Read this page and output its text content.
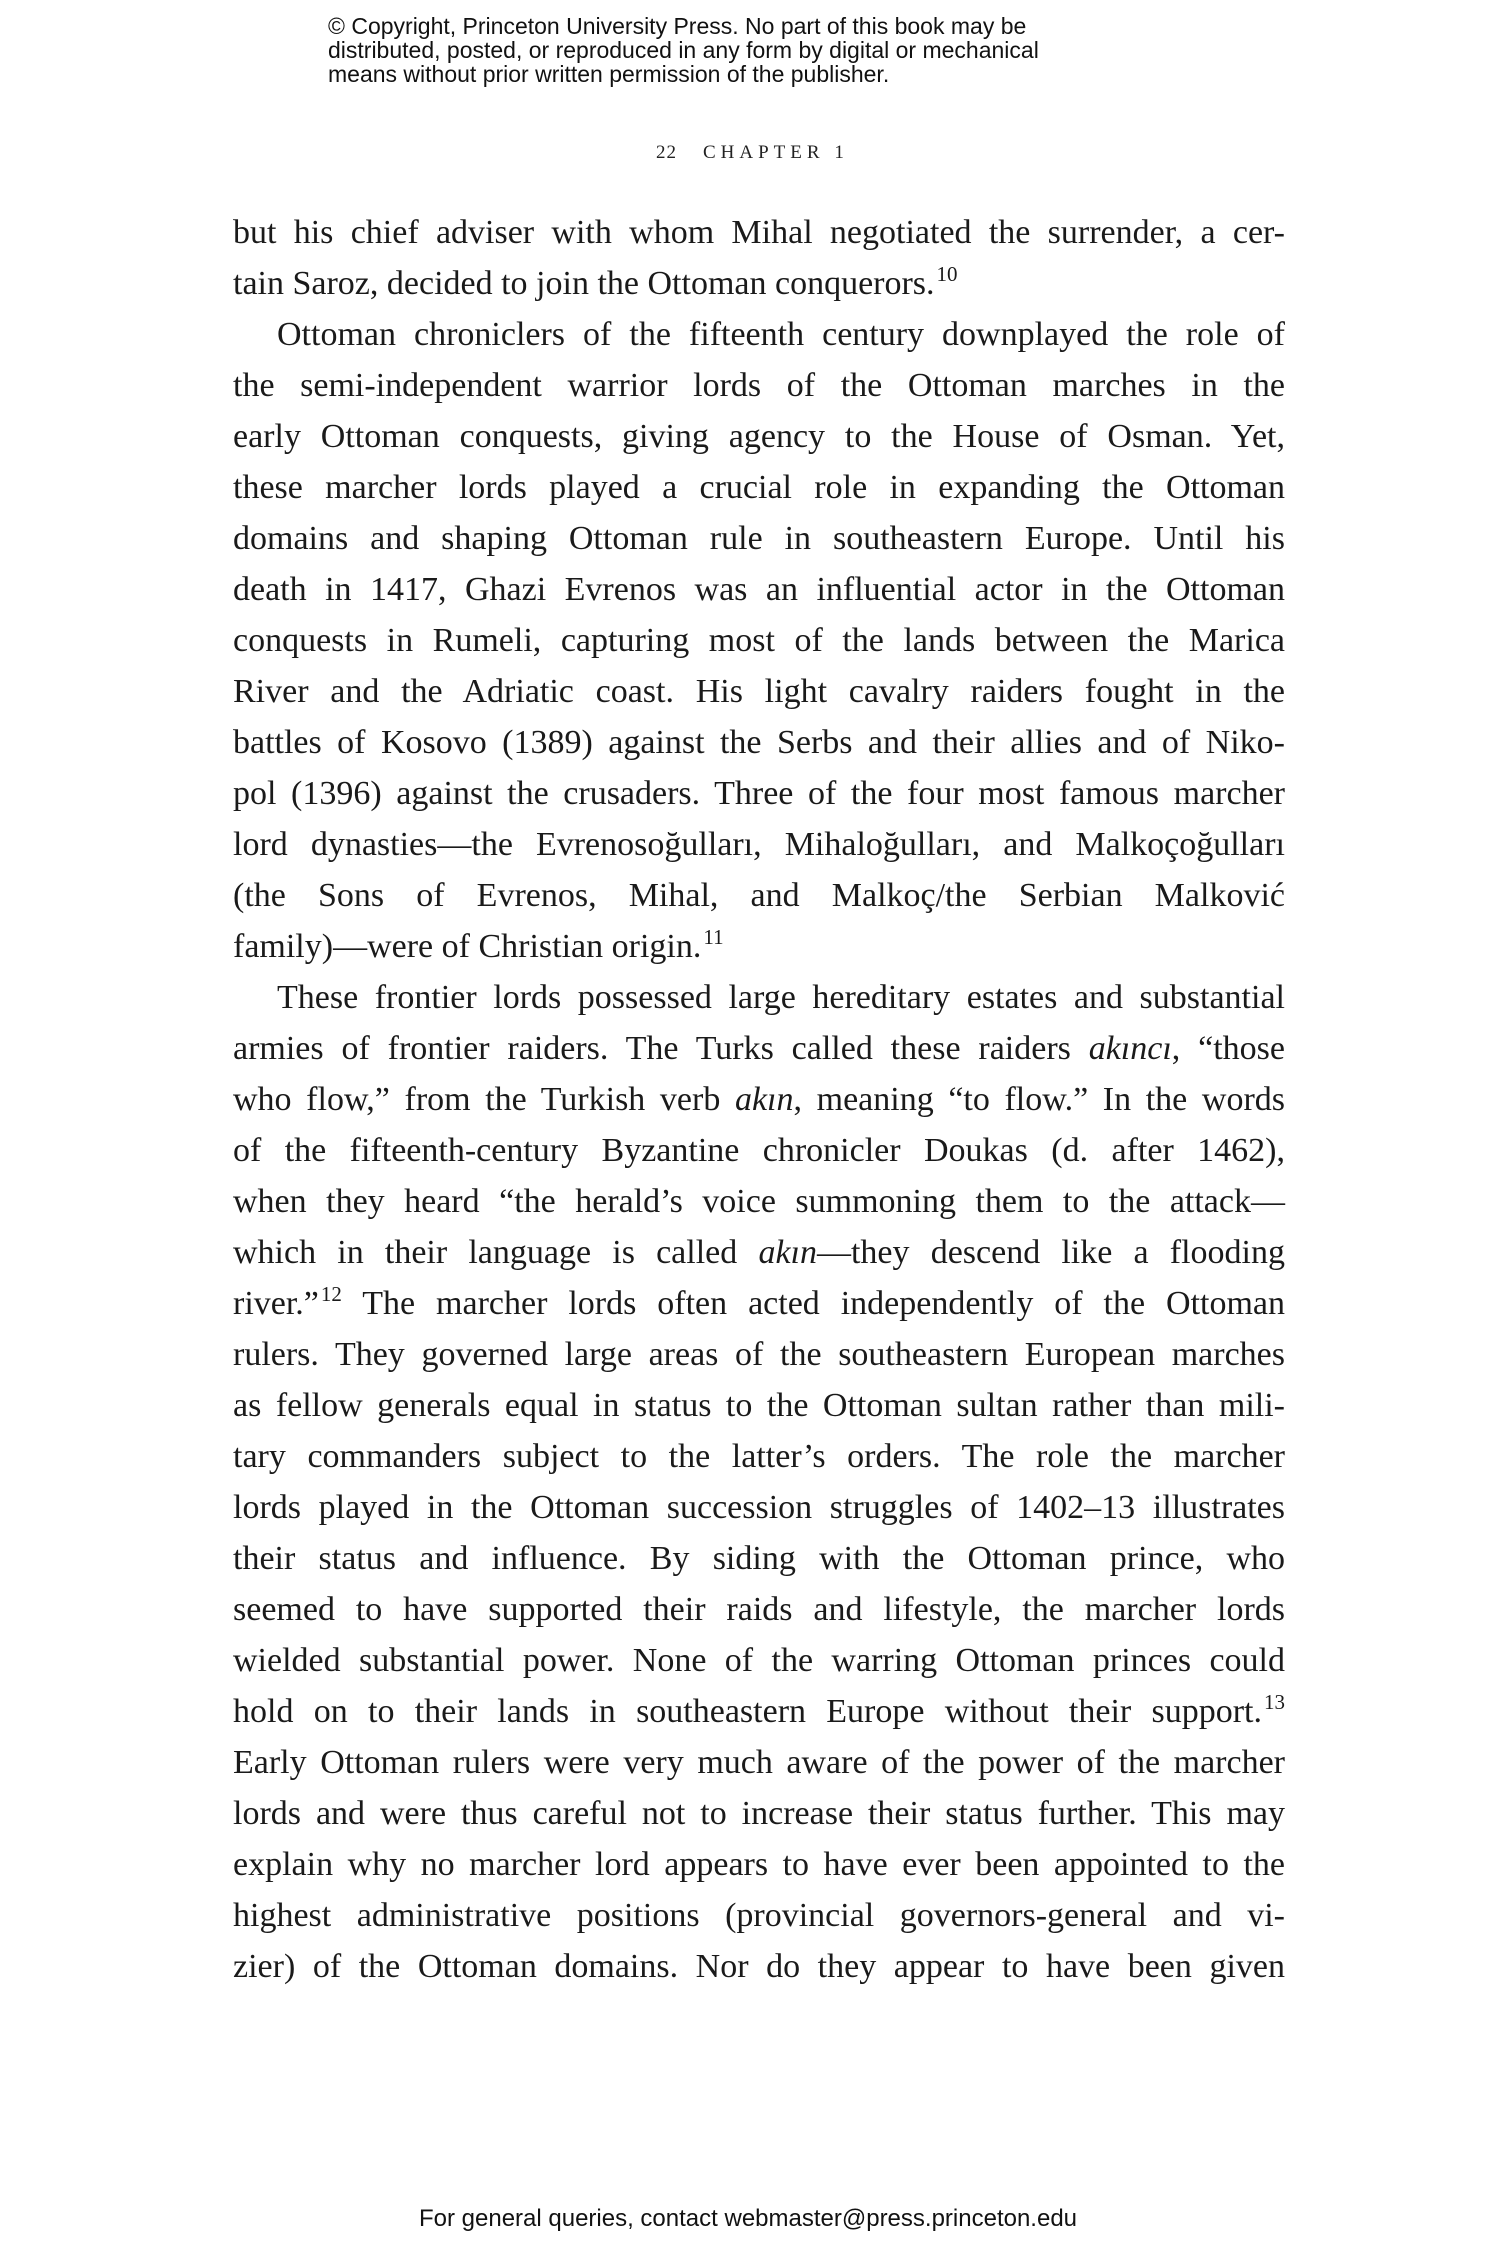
© Copyright, Princeton University Press. No part of this book may be
distributed, posted, or reproduced in any form by digital or mechanical
means without prior written permission of the publisher.
22 CHAPTER 1
but his chief adviser with whom Mihal negotiated the surrender, a cer-
tain Saroz, decided to join the Ottoman conquerors.$^{10}$
Ottoman chroniclers of the fifteenth century downplayed the role of
the semi-independent warrior lords of the Ottoman marches in the
early Ottoman conquests, giving agency to the House of Osman. Yet,
these marcher lords played a crucial role in expanding the Ottoman
domains and shaping Ottoman rule in southeastern Europe. Until his
death in 1417, Ghazi Evrenos was an influential actor in the Ottoman
conquests in Rumeli, capturing most of the lands between the Marica
River and the Adriatic coast. His light cavalry raiders fought in the
battles of Kosovo (1389) against the Serbs and their allies and of Niko-
pol (1396) against the crusaders. Three of the four most famous marcher
lord dynasties—the Evrenosoğulları, Mihaloğulları, and Malkoçoğulları
(the Sons of Evrenos, Mihal, and Malkoç/the Serbian Malković
family)—were of Christian origin.$^{11}$
These frontier lords possessed large hereditary estates and substantial
armies of frontier raiders. The Turks called these raiders akıncı, “those
who flow,” from the Turkish verb akın, meaning “to flow.” In the words
of the fifteenth-century Byzantine chronicler Doukas (d. after 1462),
when they heard “the herald’s voice summoning them to the attack—
which in their language is called akın—they descend like a flooding
river.”$^{12}$ The marcher lords often acted independently of the Ottoman
rulers. They governed large areas of the southeastern European marches
as fellow generals equal in status to the Ottoman sultan rather than mili-
tary commanders subject to the latter’s orders. The role the marcher
lords played in the Ottoman succession struggles of 1402–13 illustrates
their status and influence. By siding with the Ottoman prince, who
seemed to have supported their raids and lifestyle, the marcher lords
wielded substantial power. None of the warring Ottoman princes could
hold on to their lands in southeastern Europe without their support.$^{13}$
Early Ottoman rulers were very much aware of the power of the marcher
lords and were thus careful not to increase their status further. This may
explain why no marcher lord appears to have ever been appointed to the
highest administrative positions (provincial governors-general and vi-
zier) of the Ottoman domains. Nor do they appear to have been given
For general queries, contact webmaster@press.princeton.edu
